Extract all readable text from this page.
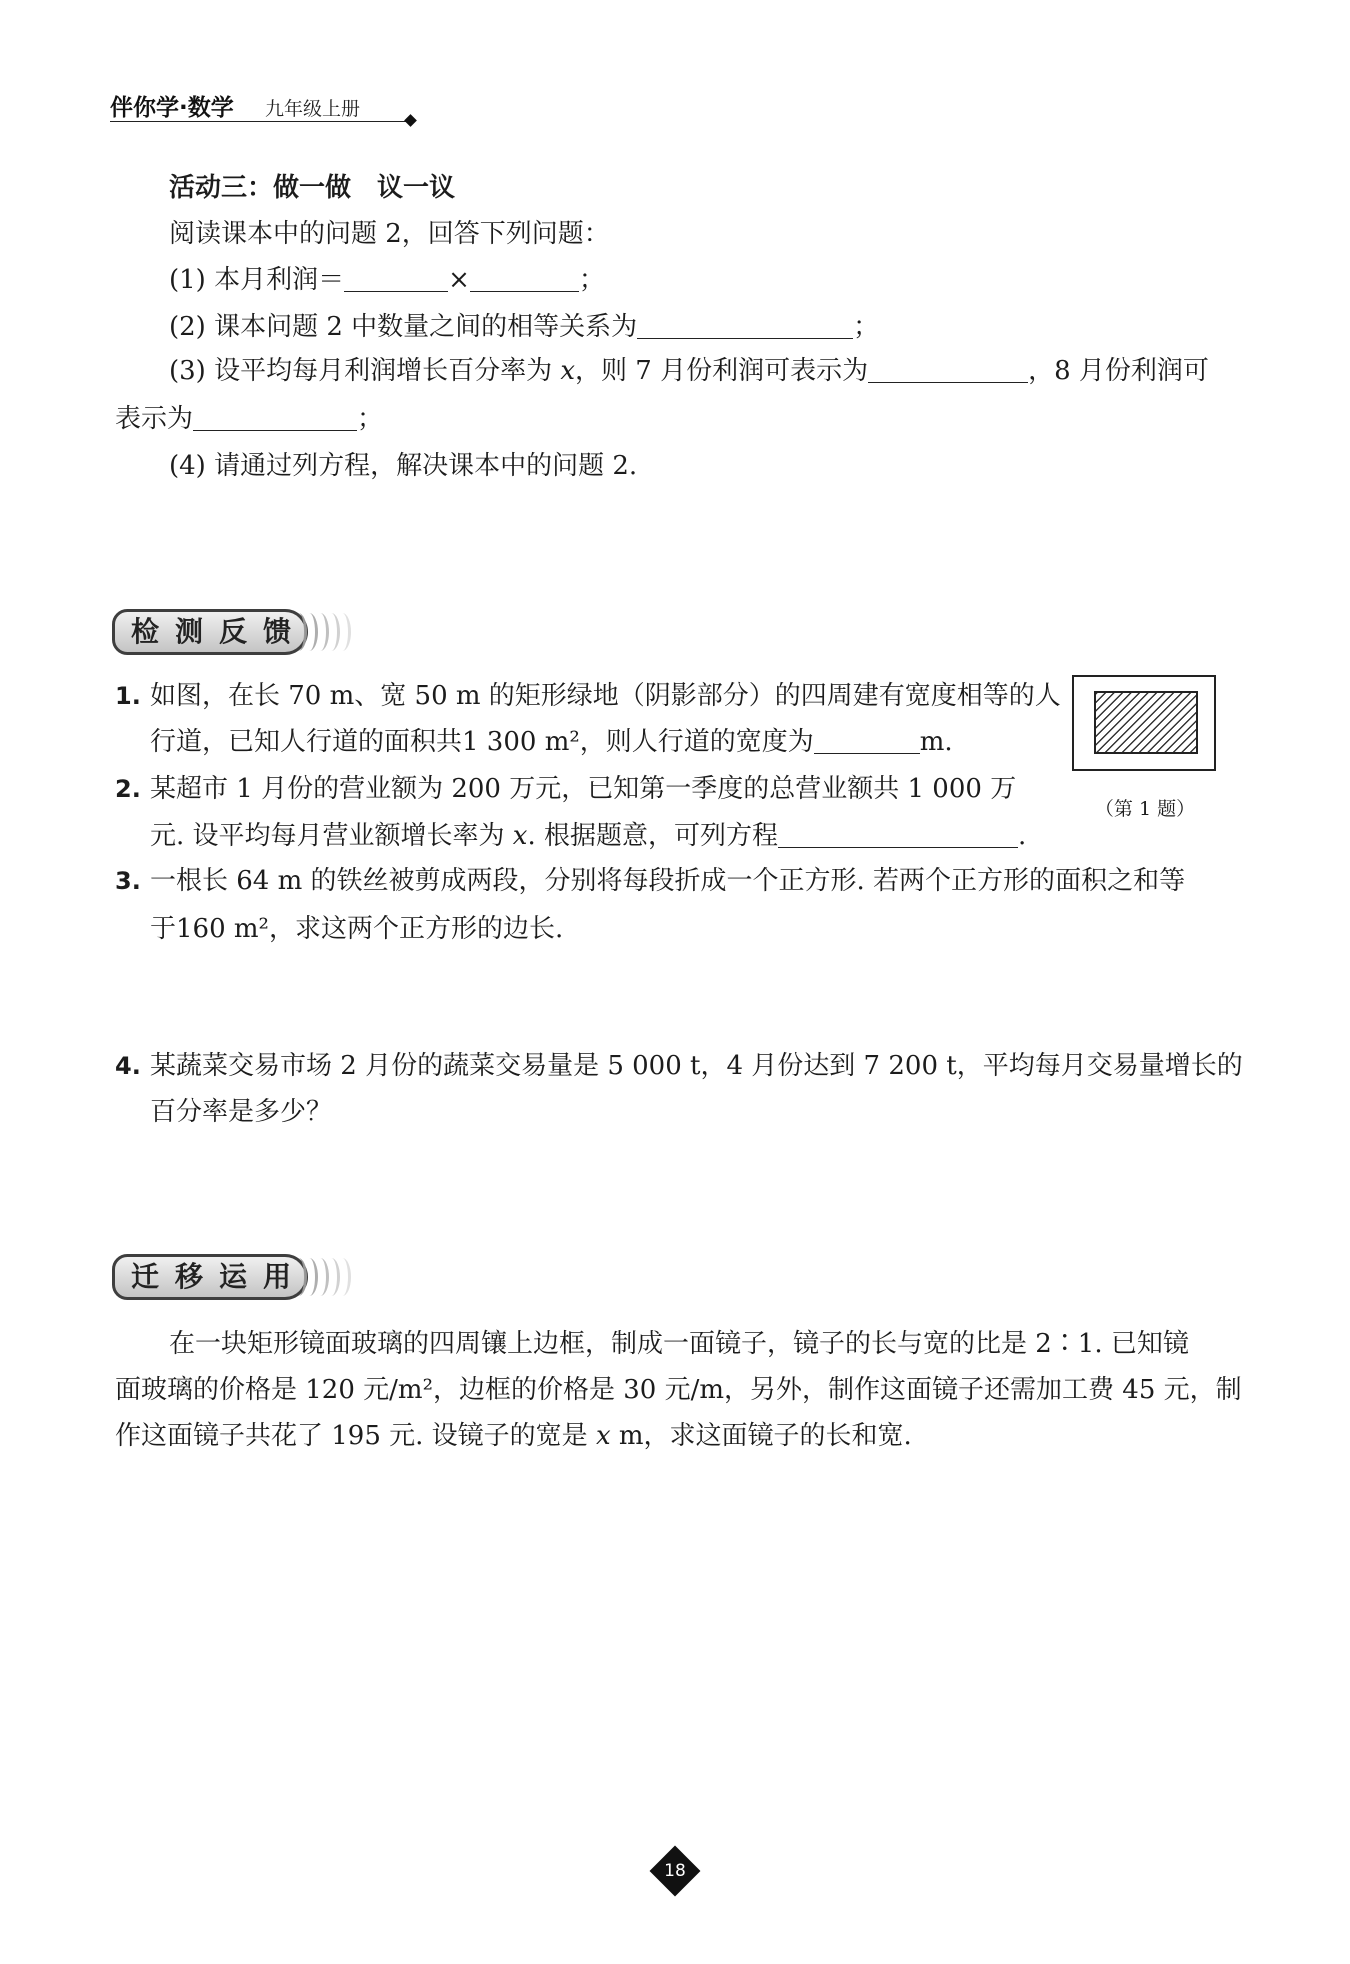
伴你学·数学 九年级上册
活动三：做一做　议一议
阅读课本中的问题 2，回答下列问题：
(1) 本月利润＝	×	；
(2) 课本问题 2 中数量之间的相等关系为	；
(3) 设平均每月利润增长百分率为 x，则 7 月份利润可表示为	，8 月份利润可
表示为	；
(4) 请通过列方程，解决课本中的问题 2.
检测反馈
1. 如图，在长 70 m、宽 50 m 的矩形绿地（阴影部分）的四周建有宽度相等的人
行道，已知人行道的面积共1 300 m²，则人行道的宽度为	m.
（第 1 题）
2. 某超市 1 月份的营业额为 200 万元，已知第一季度的总营业额共 1 000 万
元. 设平均每月营业额增长率为 x. 根据题意，可列方程	.
3. 一根长 64 m 的铁丝被剪成两段，分别将每段折成一个正方形. 若两个正方形的面积之和等
于160 m²，求这两个正方形的边长.
4. 某蔬菜交易市场 2 月份的蔬菜交易量是 5 000 t，4 月份达到 7 200 t，平均每月交易量增长的
百分率是多少？
迁移运用
在一块矩形镜面玻璃的四周镶上边框，制成一面镜子，镜子的长与宽的比是 2∶1. 已知镜
面玻璃的价格是 120 元/m²，边框的价格是 30 元/m，另外，制作这面镜子还需加工费 45 元，制
作这面镜子共花了 195 元. 设镜子的宽是 x m，求这面镜子的长和宽.
18
